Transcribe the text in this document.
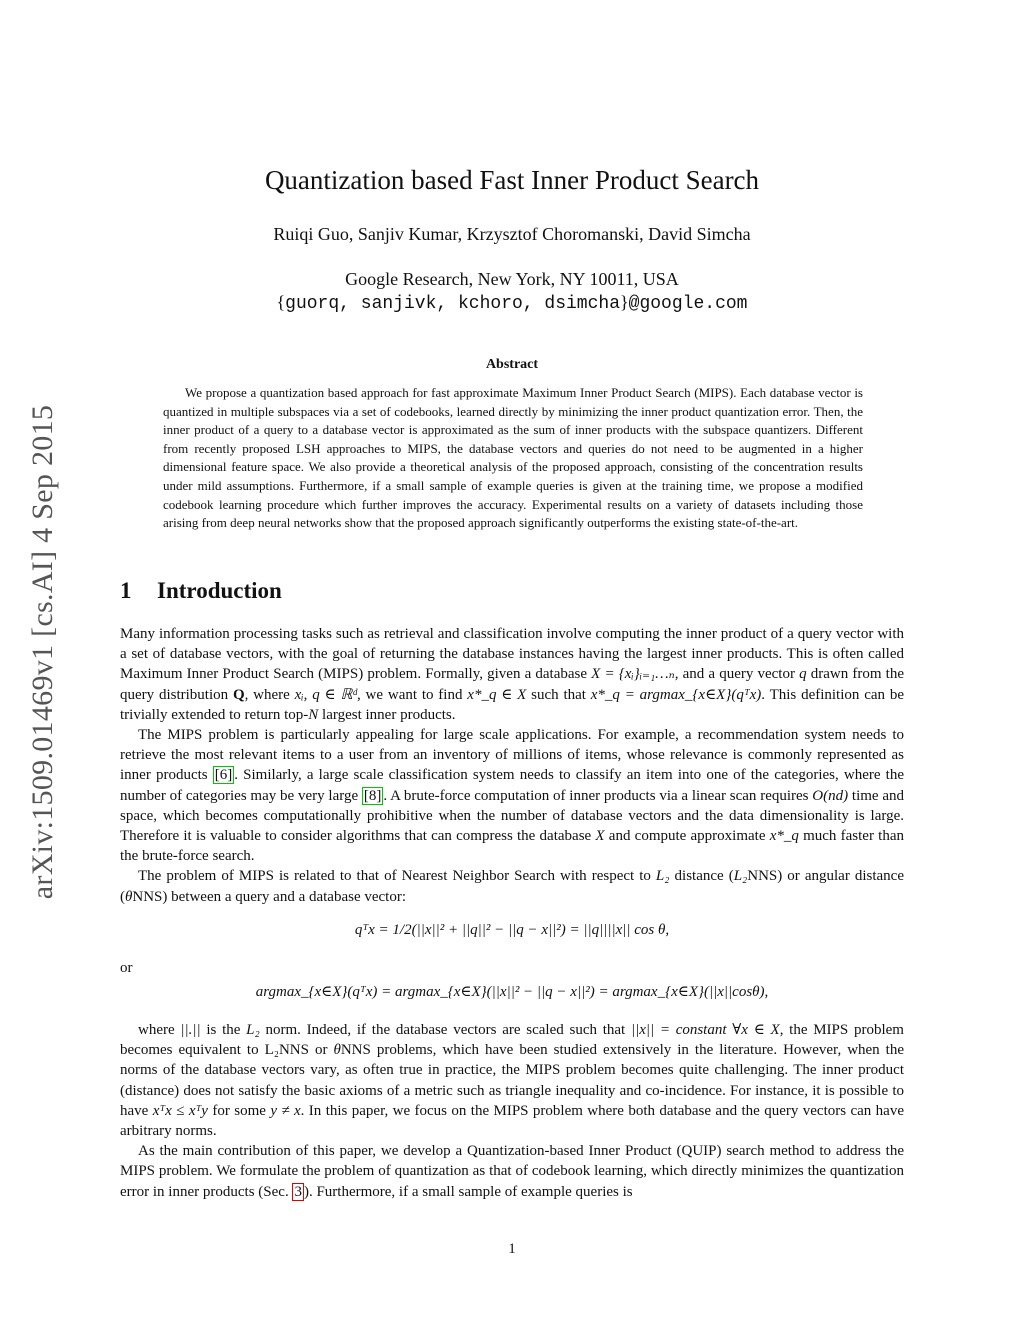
arXiv:1509.01469v1 [cs.AI] 4 Sep 2015
Quantization based Fast Inner Product Search
Ruiqi Guo, Sanjiv Kumar, Krzysztof Choromanski, David Simcha
Google Research, New York, NY 10011, USA
{guorq, sanjivk, kchoro, dsimcha}@google.com
Abstract

We propose a quantization based approach for fast approximate Maximum Inner Product Search (MIPS). Each database vector is quantized in multiple subspaces via a set of codebooks, learned directly by minimizing the inner product quantization error. Then, the inner product of a query to a database vector is approximated as the sum of inner products with the subspace quantizers. Different from recently proposed LSH approaches to MIPS, the database vectors and queries do not need to be augmented in a higher dimensional feature space. We also provide a theoretical analysis of the proposed approach, consisting of the concentration results under mild assumptions. Furthermore, if a small sample of example queries is given at the training time, we propose a modified codebook learning procedure which further improves the accuracy. Experimental results on a variety of datasets including those arising from deep neural networks show that the proposed approach significantly outperforms the existing state-of-the-art.

1 Introduction

Many information processing tasks such as retrieval and classification involve computing the inner product of a query vector with a set of database vectors, with the goal of returning the database instances having the largest inner products. This is often called Maximum Inner Product Search (MIPS) problem. Formally, given a database X = {xᵢ}ᵢ₌₁…ₙ, and a query vector q drawn from the query distribution Q, where xᵢ, q ∈ ℝᵈ, we want to find x*_q ∈ X such that x*_q = argmax_{x∈X}(qᵀx). This definition can be trivially extended to return top-N largest inner products.

The MIPS problem is particularly appealing for large scale applications. For example, a recommendation system needs to retrieve the most relevant items to a user from an inventory of millions of items, whose relevance is commonly represented as inner products [6] . Similarly, a large scale classification system needs to classify an item into one of the categories, where the number of categories may be very large [8] . A brute-force computation of inner products via a linear scan requires O(nd) time and space, which becomes computationally prohibitive when the number of database vectors and the data dimensionality is large. Therefore it is valuable to consider algorithms that can compress the database X and compute approximate x*_q much faster than the brute-force search.

The problem of MIPS is related to that of Nearest Neighbor Search with respect to L₂ distance (L₂NNS) or angular distance (θNNS) between a query and a database vector:

qᵀx = 1/2(||x||² + ||q||² − ||q − x||²) = ||q||||x|| cos θ,
or
argmax_{x∈X}(qᵀx) = argmax_{x∈X}(||x||² − ||q − x||²) = argmax_{x∈X}(||x||cosθ),

where ||.|| is the L₂ norm. Indeed, if the database vectors are scaled such that ||x|| = constant ∀x ∈ X, the MIPS problem becomes equivalent to L₂NNS or θNNS problems, which have been studied extensively in the literature. However, when the norms of the database vectors vary, as often true in practice, the MIPS problem becomes quite challenging. The inner product (distance) does not satisfy the basic axioms of a metric such as triangle inequality and co-incidence. For instance, it is possible to have xᵀx ≤ xᵀy for some y ≠ x. In this paper, we focus on the MIPS problem where both database and the query vectors can have arbitrary norms.

As the main contribution of this paper, we develop a Quantization-based Inner Product (QUIP) search method to address the MIPS problem. We formulate the problem of quantization as that of codebook learning, which directly minimizes the quantization error in inner products (Sec. 3 ). Furthermore, if a small sample of example queries is

1
